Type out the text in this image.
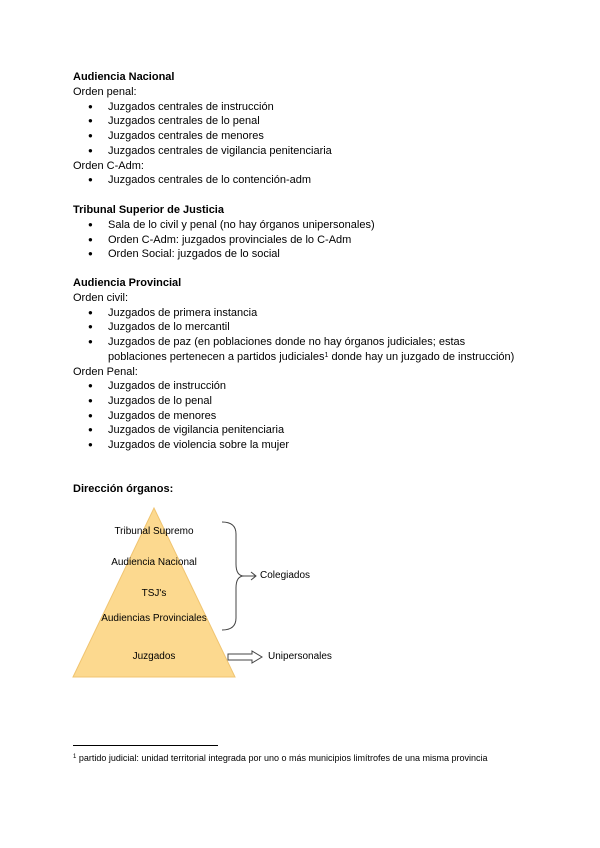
Audiencia Nacional
Orden penal:
● Juzgados centrales de instrucción
● Juzgados centrales de lo penal
● Juzgados centrales de menores
● Juzgados centrales de vigilancia penitenciaria
Orden C-Adm:
● Juzgados centrales de lo contención-adm
Tribunal Superior de Justicia
● Sala de lo civil y penal (no hay órganos unipersonales)
● Orden C-Adm: juzgados provinciales de lo C-Adm
● Orden Social: juzgados de lo social
Audiencia Provincial
Orden civil:
● Juzgados de primera instancia
● Juzgados de lo mercantil
● Juzgados de paz (en poblaciones donde no hay órganos judiciales; estas
poblaciones pertenecen a partidos judiciales$^1$ donde hay un juzgado de instrucción)
Orden Penal:
● Juzgados de instrucción
● Juzgados de lo penal
● Juzgados de menores
● Juzgados de vigilancia penitenciaria
● Juzgados de violencia sobre la mujer
Dirección órganos:
Tribunal Supremo
Audiencia Nacional
TSJ's
Audiencias Provinciales
Juzgados
Colegiados
Unipersonales
$^1$ partido judicial: unidad territorial integrada por uno o más municipios limítrofes de una misma provincia
